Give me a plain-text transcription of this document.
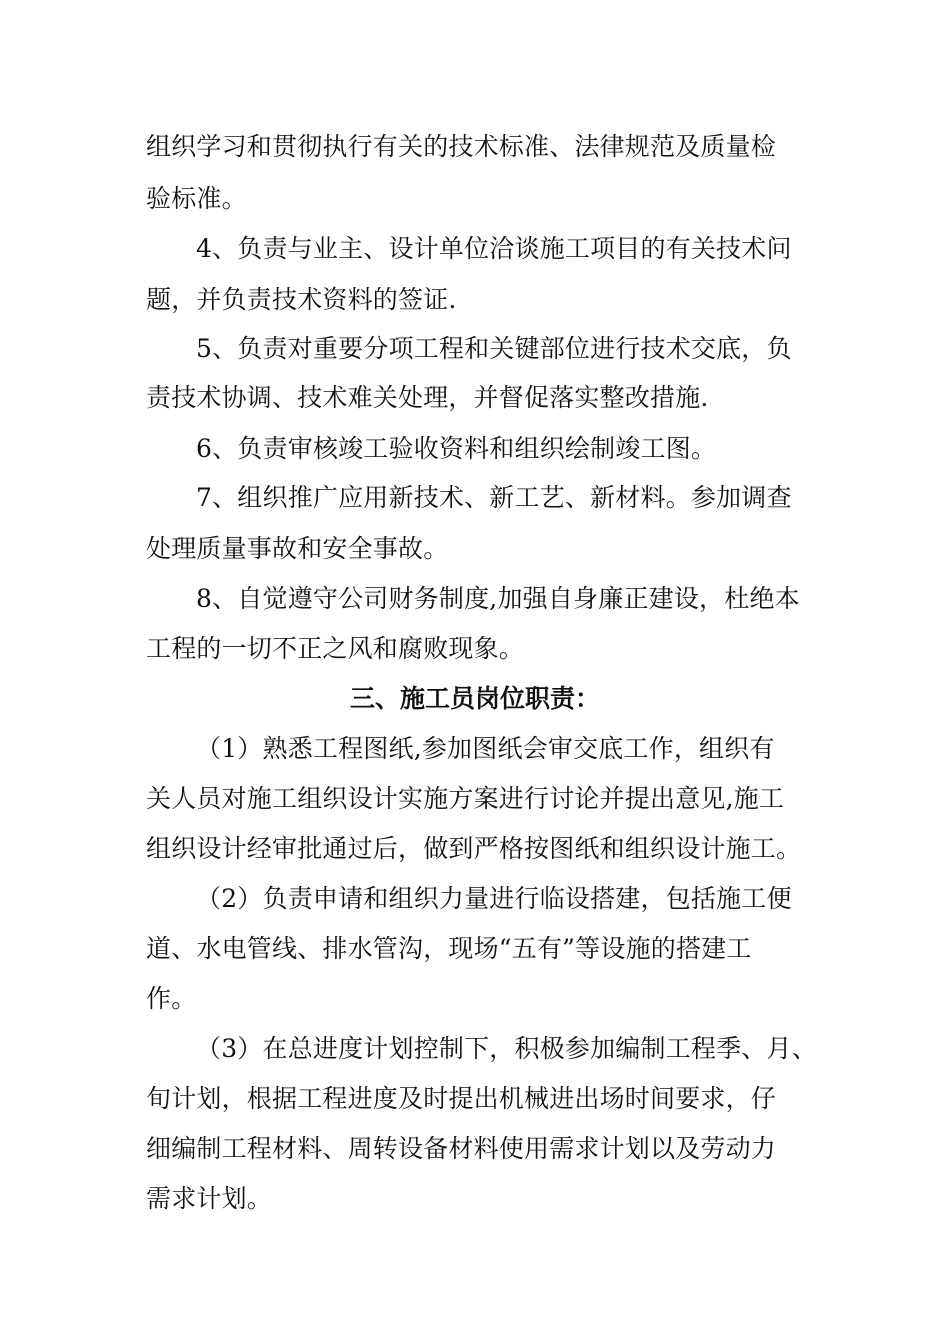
组织学习和贯彻执行有关的技术标准、法律规范及质量检
验标准。
4、负责与业主、设计单位洽谈施工项目的有关技术问
题，并负责技术资料的签证.
5、负责对重要分项工程和关键部位进行技术交底，负
责技术协调、技术难关处理，并督促落实整改措施.
6、负责审核竣工验收资料和组织绘制竣工图。
7、组织推广应用新技术、新工艺、新材料。参加调查
处理质量事故和安全事故。
8、自觉遵守公司财务制度,加强自身廉正建设，杜绝本
工程的一切不正之风和腐败现象。
三、施工员岗位职责：
（1）熟悉工程图纸,参加图纸会审交底工作，组织有
关人员对施工组织设计实施方案进行讨论并提出意见,施工
组织设计经审批通过后，做到严格按图纸和组织设计施工。
（2）负责申请和组织力量进行临设搭建，包括施工便
道、水电管线、排水管沟，现场“五有”等设施的搭建工
作。
（3）在总进度计划控制下，积极参加编制工程季、月、
旬计划，根据工程进度及时提出机械进出场时间要求，仔
细编制工程材料、周转设备材料使用需求计划以及劳动力
需求计划。
